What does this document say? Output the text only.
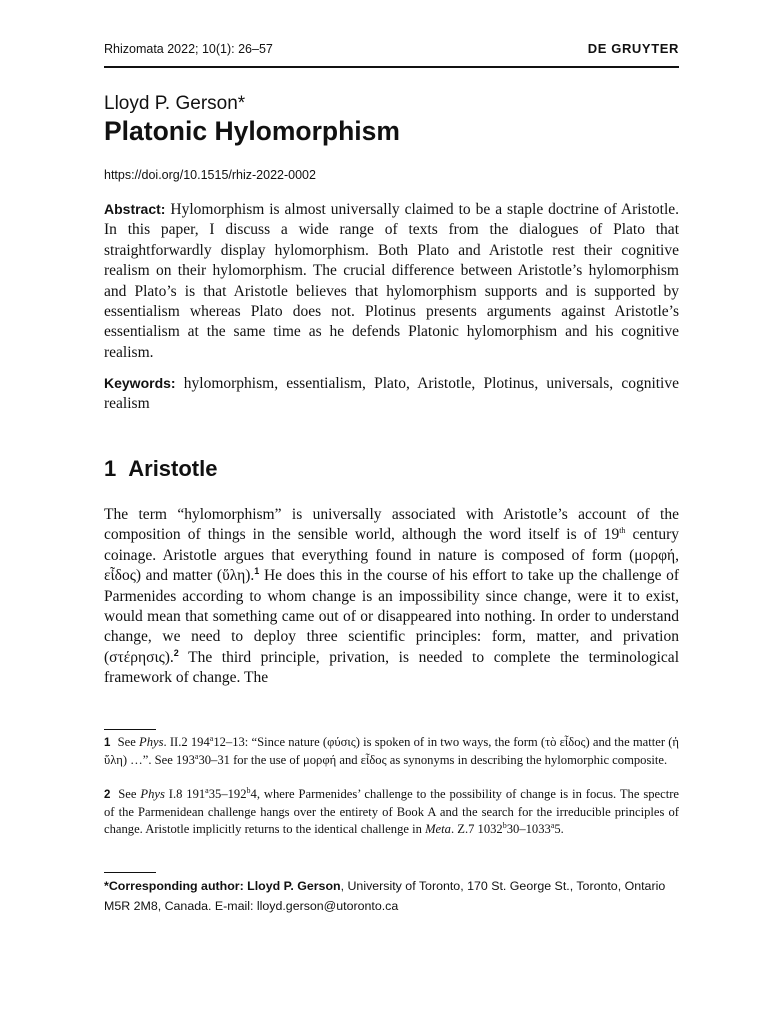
Rhizomata 2022; 10(1): 26–57	DE GRUYTER
Lloyd P. Gerson*
Platonic Hylomorphism
https://doi.org/10.1515/rhiz-2022-0002

Abstract: Hylomorphism is almost universally claimed to be a staple doctrine of Aristotle. In this paper, I discuss a wide range of texts from the dialogues of Plato that straightforwardly display hylomorphism. Both Plato and Aristotle rest their cognitive realism on their hylomorphism. The crucial difference between Aristotle’s hylomorphism and Plato’s is that Aristotle believes that hylomorphism supports and is supported by essentialism whereas Plato does not. Plotinus presents arguments against Aristotle’s essentialism at the same time as he defends Platonic hylomorphism and his cognitive realism.

Keywords: hylomorphism, essentialism, Plato, Aristotle, Plotinus, universals, cognitive realism

1 Aristotle

The term “hylomorphism” is universally associated with Aristotle’s account of the composition of things in the sensible world, although the word itself is of 19th century coinage. Aristotle argues that everything found in nature is composed of form (μορφή, εἶδος) and matter (ὕλη).$^1$ He does this in the course of his effort to take up the challenge of Parmenides according to whom change is an impossibility since change, were it to exist, would mean that something came out of or disappeared into nothing. In order to understand change, we need to deploy three scientific principles: form, matter, and privation (στέρησις).$^2$ The third principle, privation, is needed to complete the terminological framework of change. The

1 See Phys. II.2 194$^a$12–13: “Since nature (φύσις) is spoken of in two ways, the form (τὸ εἶδος) and the matter (ἡ ὕλη) …”. See 193$^a$30–31 for the use of μορφή and εἶδος as synonyms in describing the hylomorphic composite.

2 See Phys I.8 191$^a$35–192$^b$4, where Parmenides’ challenge to the possibility of change is in focus. The spectre of the Parmenidean challenge hangs over the entirety of Book A and the search for the irreducible principles of change. Aristotle implicitly returns to the identical challenge in Meta. Z.7 1032$^b$30–1033$^a$5.

*Corresponding author: Lloyd P. Gerson, University of Toronto, 170 St. George St., Toronto, Ontario M5R 2M8, Canada. E-mail: lloyd.gerson@utoronto.ca
